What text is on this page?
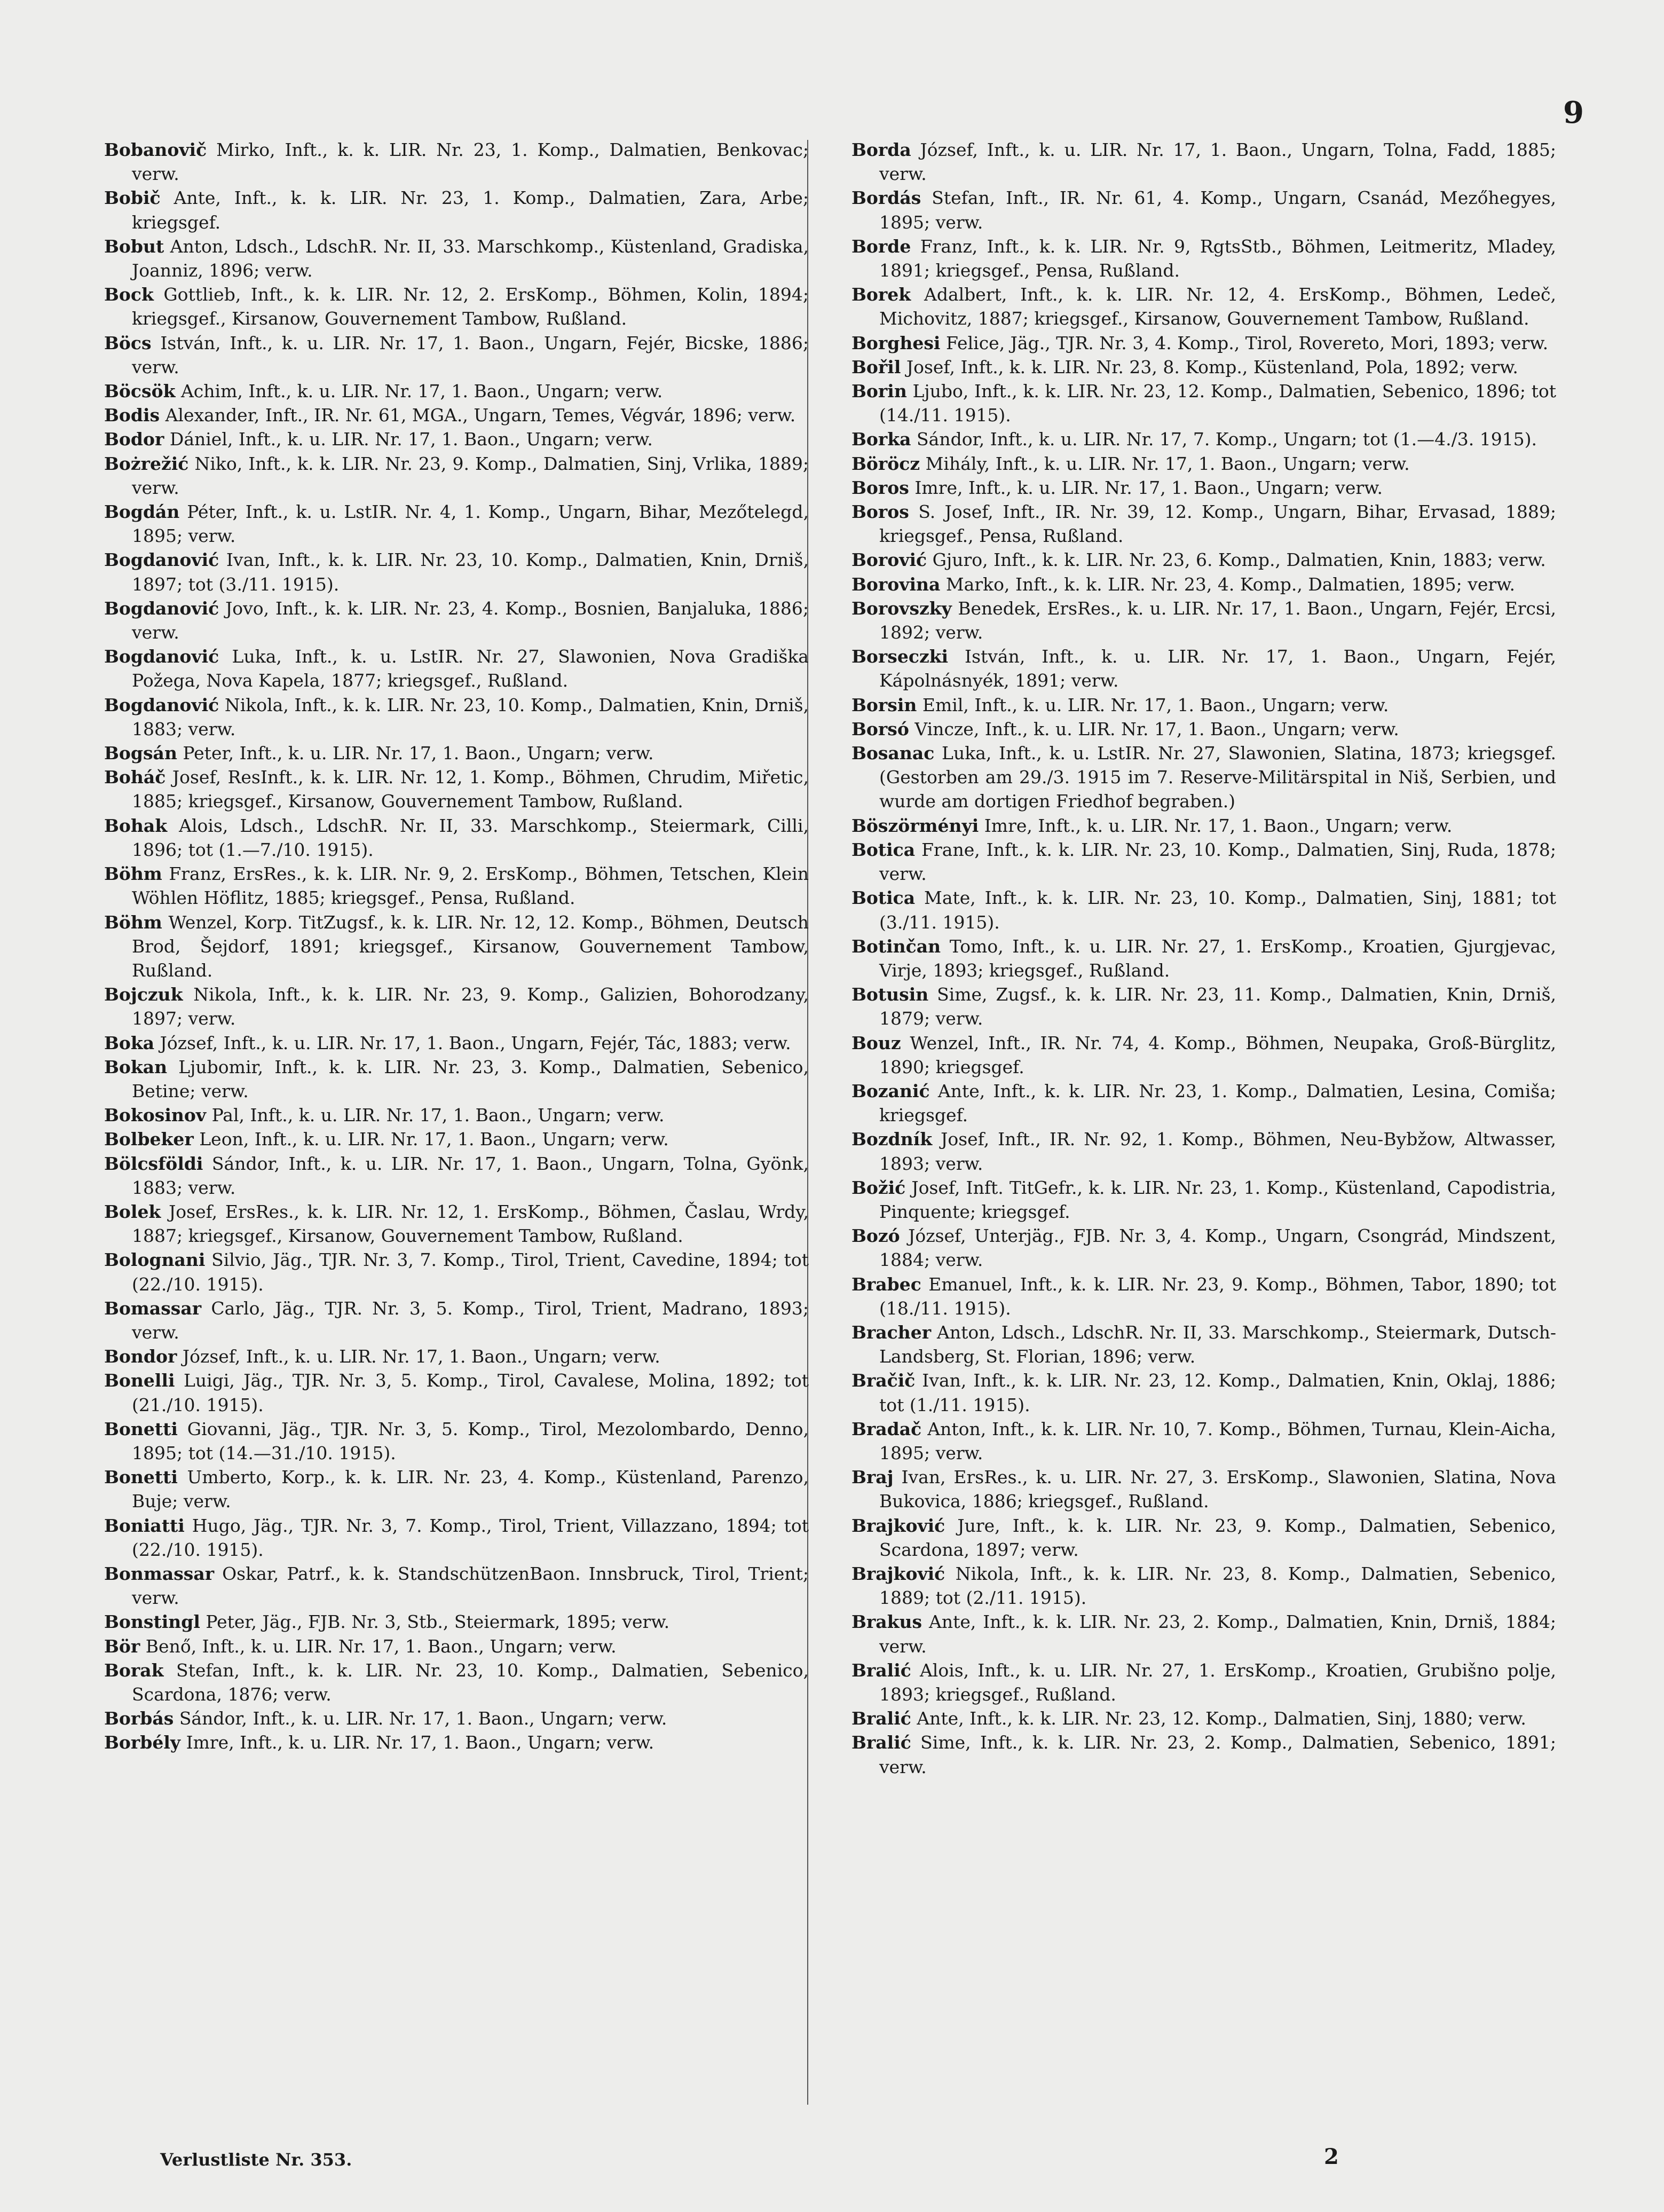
9

Bobanovič Mirko, Inft., k. k. LIR. Nr. 23, 1. Komp., Dalmatien, Benkovac; verw.

Bobič Ante, Inft., k. k. LIR. Nr. 23, 1. Komp., Dalmatien, Zara, Arbe; kriegsgef.

Bobut Anton, Ldsch., LdschR. Nr. II, 33. Marschkomp., Küstenland, Gradiska, Joanniz, 1896; verw.

Bock Gottlieb, Inft., k. k. LIR. Nr. 12, 2. ErsKomp., Böhmen, Kolin, 1894; kriegsgef., Kirsanow, Gouvernement Tambow, Rußland.

Böcs István, Inft., k. u. LIR. Nr. 17, 1. Baon., Ungarn, Fejér, Bicske, 1886; verw.

Böcsök Achim, Inft., k. u. LIR. Nr. 17, 1. Baon., Ungarn; verw.

Bodis Alexander, Inft., IR. Nr. 61, MGA., Ungarn, Temes, Végvár, 1896; verw.

Bodor Dániel, Inft., k. u. LIR. Nr. 17, 1. Baon., Ungarn; verw.

Bożrežić Niko, Inft., k. k. LIR. Nr. 23, 9. Komp., Dalmatien, Sinj, Vrlika, 1889; verw.

Bogdán Péter, Inft., k. u. LstIR. Nr. 4, 1. Komp., Ungarn, Bihar, Mezőtelegd, 1895; verw.

Bogdanović Ivan, Inft., k. k. LIR. Nr. 23, 10. Komp., Dalmatien, Knin, Drniš, 1897; tot (3./11. 1915).

Bogdanović Jovo, Inft., k. k. LIR. Nr. 23, 4. Komp., Bosnien, Banjaluka, 1886; verw.

Bogdanović Luka, Inft., k. u. LstIR. Nr. 27, Slawonien, Nova Gradiška Požega, Nova Kapela, 1877; kriegsgef., Rußland.

Bogdanović Nikola, Inft., k. k. LIR. Nr. 23, 10. Komp., Dalmatien, Knin, Drniš, 1883; verw.

Bogsán Peter, Inft., k. u. LIR. Nr. 17, 1. Baon., Ungarn; verw.

Boháč Josef, ResInft., k. k. LIR. Nr. 12, 1. Komp., Böhmen, Chrudim, Miřetic, 1885; kriegsgef., Kirsanow, Gouvernement Tambow, Rußland.

Bohak Alois, Ldsch., LdschR. Nr. II, 33. Marschkomp., Steiermark, Cilli, 1896; tot (1.—7./10. 1915).

Böhm Franz, ErsRes., k. k. LIR. Nr. 9, 2. ErsKomp., Böhmen, Tetschen, Klein Wöhlen Höflitz, 1885; kriegsgef., Pensa, Rußland.

Böhm Wenzel, Korp. TitZugsf., k. k. LIR. Nr. 12, 12. Komp., Böhmen, Deutsch Brod, Šejdorf, 1891; kriegsgef., Kirsanow, Gouvernement Tambow, Rußland.

Bojczuk Nikola, Inft., k. k. LIR. Nr. 23, 9. Komp., Galizien, Bohorodzany, 1897; verw.

Boka József, Inft., k. u. LIR. Nr. 17, 1. Baon., Ungarn, Fejér, Tác, 1883; verw.

Bokan Ljubomir, Inft., k. k. LIR. Nr. 23, 3. Komp., Dalmatien, Sebenico, Betine; verw.

Bokosinov Pal, Inft., k. u. LIR. Nr. 17, 1. Baon., Ungarn; verw.

Bolbeker Leon, Inft., k. u. LIR. Nr. 17, 1. Baon., Ungarn; verw.

Bölcsföldi Sándor, Inft., k. u. LIR. Nr. 17, 1. Baon., Ungarn, Tolna, Gyönk, 1883; verw.

Bolek Josef, ErsRes., k. k. LIR. Nr. 12, 1. ErsKomp., Böhmen, Časlau, Wrdy, 1887; kriegsgef., Kirsanow, Gouvernement Tambow, Rußland.

Bolognani Silvio, Jäg., TJR. Nr. 3, 7. Komp., Tirol, Trient, Cavedine, 1894; tot (22./10. 1915).

Bomassar Carlo, Jäg., TJR. Nr. 3, 5. Komp., Tirol, Trient, Madrano, 1893; verw.

Bondor József, Inft., k. u. LIR. Nr. 17, 1. Baon., Ungarn; verw.

Bonelli Luigi, Jäg., TJR. Nr. 3, 5. Komp., Tirol, Cavalese, Molina, 1892; tot (21./10. 1915).

Bonetti Giovanni, Jäg., TJR. Nr. 3, 5. Komp., Tirol, Mezolombardo, Denno, 1895; tot (14.—31./10. 1915).

Bonetti Umberto, Korp., k. k. LIR. Nr. 23, 4. Komp., Küstenland, Parenzo, Buje; verw.

Boniatti Hugo, Jäg., TJR. Nr. 3, 7. Komp., Tirol, Trient, Villazzano, 1894; tot (22./10. 1915).

Bonmassar Oskar, Patrf., k. k. StandschützenBaon. Innsbruck, Tirol, Trient; verw.

Bonstingl Peter, Jäg., FJB. Nr. 3, Stb., Steiermark, 1895; verw.

Bör Benő, Inft., k. u. LIR. Nr. 17, 1. Baon., Ungarn; verw.

Borak Stefan, Inft., k. k. LIR. Nr. 23, 10. Komp., Dalmatien, Sebenico, Scardona, 1876; verw.

Borbás Sándor, Inft., k. u. LIR. Nr. 17, 1. Baon., Ungarn; verw.

Borbély Imre, Inft., k. u. LIR. Nr. 17, 1. Baon., Ungarn; verw.

Borda József, Inft., k. u. LIR. Nr. 17, 1. Baon., Ungarn, Tolna, Fadd, 1885; verw.

Bordás Stefan, Inft., IR. Nr. 61, 4. Komp., Ungarn, Csanád, Mezőhegyes, 1895; verw.

Borde Franz, Inft., k. k. LIR. Nr. 9, RgtsStb., Böhmen, Leitmeritz, Mladey, 1891; kriegsgef., Pensa, Rußland.

Borek Adalbert, Inft., k. k. LIR. Nr. 12, 4. ErsKomp., Böhmen, Ledeč, Michovitz, 1887; kriegsgef., Kirsanow, Gouvernement Tambow, Rußland.

Borghesi Felice, Jäg., TJR. Nr. 3, 4. Komp., Tirol, Rovereto, Mori, 1893; verw.

Bořil Josef, Inft., k. k. LIR. Nr. 23, 8. Komp., Küstenland, Pola, 1892; verw.

Borin Ljubo, Inft., k. k. LIR. Nr. 23, 12. Komp., Dalmatien, Sebenico, 1896; tot (14./11. 1915).

Borka Sándor, Inft., k. u. LIR. Nr. 17, 7. Komp., Ungarn; tot (1.—4./3. 1915).

Böröcz Mihály, Inft., k. u. LIR. Nr. 17, 1. Baon., Ungarn; verw.

Boros Imre, Inft., k. u. LIR. Nr. 17, 1. Baon., Ungarn; verw.

Boros S. Josef, Inft., IR. Nr. 39, 12. Komp., Ungarn, Bihar, Ervasad, 1889; kriegsgef., Pensa, Rußland.

Borović Gjuro, Inft., k. k. LIR. Nr. 23, 6. Komp., Dalmatien, Knin, 1883; verw.

Borovina Marko, Inft., k. k. LIR. Nr. 23, 4. Komp., Dalmatien, 1895; verw.

Borovszky Benedek, ErsRes., k. u. LIR. Nr. 17, 1. Baon., Ungarn, Fejér, Ercsi, 1892; verw.

Borseczki István, Inft., k. u. LIR. Nr. 17, 1. Baon., Ungarn, Fejér, Kápolnásnyék, 1891; verw.

Borsin Emil, Inft., k. u. LIR. Nr. 17, 1. Baon., Ungarn; verw.

Borsó Vincze, Inft., k. u. LIR. Nr. 17, 1. Baon., Ungarn; verw.

Bosanac Luka, Inft., k. u. LstIR. Nr. 27, Slawonien, Slatina, 1873; kriegsgef. (Gestorben am 29./3. 1915 im 7. Reserve-Militärspital in Niš, Serbien, und wurde am dortigen Friedhof begraben.)

Böszörményi Imre, Inft., k. u. LIR. Nr. 17, 1. Baon., Ungarn; verw.

Botica Frane, Inft., k. k. LIR. Nr. 23, 10. Komp., Dalmatien, Sinj, Ruda, 1878; verw.

Botica Mate, Inft., k. k. LIR. Nr. 23, 10. Komp., Dalmatien, Sinj, 1881; tot (3./11. 1915).

Botinčan Tomo, Inft., k. u. LIR. Nr. 27, 1. ErsKomp., Kroatien, Gjurgjevac, Virje, 1893; kriegsgef., Rußland.

Botusin Sime, Zugsf., k. k. LIR. Nr. 23, 11. Komp., Dalmatien, Knin, Drniš, 1879; verw.

Bouz Wenzel, Inft., IR. Nr. 74, 4. Komp., Böhmen, Neupaka, Groß-Bürglitz, 1890; kriegsgef.

Bozanić Ante, Inft., k. k. LIR. Nr. 23, 1. Komp., Dalmatien, Lesina, Comiša; kriegsgef.

Bozdník Josef, Inft., IR. Nr. 92, 1. Komp., Böhmen, Neu-Bybžow, Altwasser, 1893; verw.

Božić Josef, Inft. TitGefr., k. k. LIR. Nr. 23, 1. Komp., Küstenland, Capodistria, Pinquente; kriegsgef.

Bozó József, Unterjäg., FJB. Nr. 3, 4. Komp., Ungarn, Csongrád, Mindszent, 1884; verw.

Brabec Emanuel, Inft., k. k. LIR. Nr. 23, 9. Komp., Böhmen, Tabor, 1890; tot (18./11. 1915).

Bracher Anton, Ldsch., LdschR. Nr. II, 33. Marschkomp., Steiermark, Dutsch-Landsberg, St. Florian, 1896; verw.

Bračič Ivan, Inft., k. k. LIR. Nr. 23, 12. Komp., Dalmatien, Knin, Oklaj, 1886; tot (1./11. 1915).

Bradač Anton, Inft., k. k. LIR. Nr. 10, 7. Komp., Böhmen, Turnau, Klein-Aicha, 1895; verw.

Braj Ivan, ErsRes., k. u. LIR. Nr. 27, 3. ErsKomp., Slawonien, Slatina, Nova Bukovica, 1886; kriegsgef., Rußland.

Brajković Jure, Inft., k. k. LIR. Nr. 23, 9. Komp., Dalmatien, Sebenico, Scardona, 1897; verw.

Brajković Nikola, Inft., k. k. LIR. Nr. 23, 8. Komp., Dalmatien, Sebenico, 1889; tot (2./11. 1915).

Brakus Ante, Inft., k. k. LIR. Nr. 23, 2. Komp., Dalmatien, Knin, Drniš, 1884; verw.

Bralić Alois, Inft., k. u. LIR. Nr. 27, 1. ErsKomp., Kroatien, Grubišno polje, 1893; kriegsgef., Rußland.

Bralić Ante, Inft., k. k. LIR. Nr. 23, 12. Komp., Dalmatien, Sinj, 1880; verw.

Bralić Sime, Inft., k. k. LIR. Nr. 23, 2. Komp., Dalmatien, Sebenico, 1891; verw.

Verlustliste Nr. 353.	2
